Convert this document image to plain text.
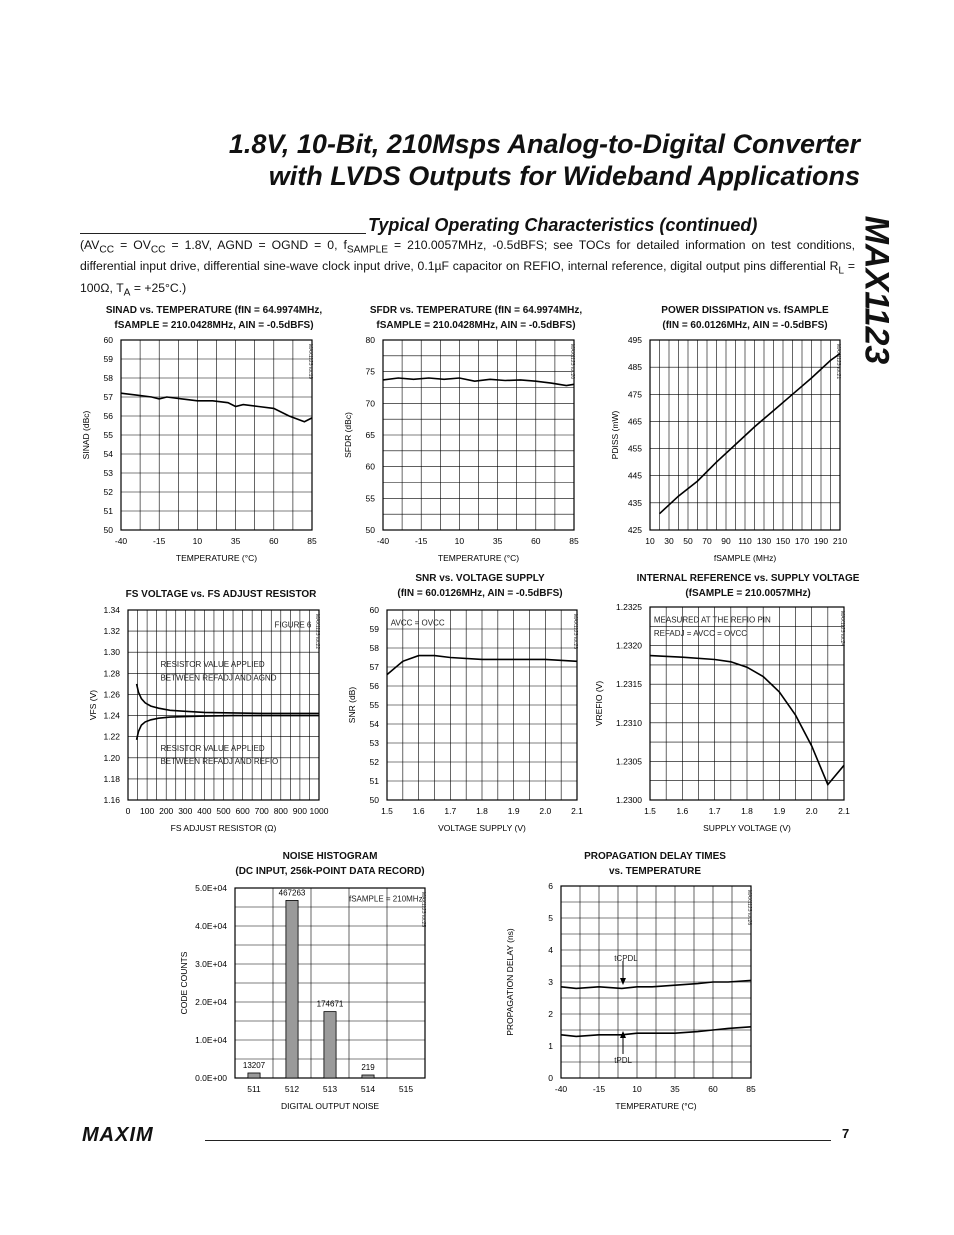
1.8V, 10-Bit, 210Msps Analog-to-Digital Converter
with LVDS Outputs for Wideband Applications
MAX1123
Typical Operating Characteristics (continued)
($AV_{CC} = OV_{CC} = 1.8V$, AGND = OGND = 0, $f_{SAMPLE} = 210.0057MHz$, -0.5dBFS; see TOCs for detailed information on test conditions, differential input drive, differential sine-wave clock input drive, 0.1µF capacitor on REFIO, internal reference, digital output pins differential $R_L = 100\Omega$, $T_A = +25^\circ C$.)
SINAD vs. TEMPERATURE (fIN = 64.9974MHz,
fSAMPLE = 210.0428MHz, AIN = -0.5dBFS)
-40	-15	10	35	60	85
50
51
52
53
54
55
56
57
58
59
60
TEMPERATURE (°C)
SINAD (dBc)
MAX1123 toc19
SFDR vs. TEMPERATURE (fIN = 64.9974MHz,
fSAMPLE = 210.0428MHz, AIN = -0.5dBFS)
-40	-15	10	35	60	85
50
55
60
65
70
75
80
TEMPERATURE (°C)
SFDR (dBc)
MAX1123 toc20
POWER DISSIPATION vs. fSAMPLE
(fIN = 60.0126MHz, AIN = -0.5dBFS)
10 30 50 70 90 110 130 150 170 190 210
425
435
445
455
465
475
485
495
fSAMPLE (MHz)
PDISS (mW)
MAX1123 toc21
FS VOLTAGE vs. FS ADJUST RESISTOR
0 100 200 300 400 500 600 700 800 900 1000
1.16
1.18
1.20
1.22
1.24
1.26
1.28
1.30
1.32
1.34
FS ADJUST RESISTOR (Ω)
VFS (V)
MAX1123 toc22
FIGURE 6
RESISTOR VALUE APPLIED
BETWEEN REFADJ AND AGND
RESISTOR VALUE APPLIED
BETWEEN REFADJ AND REFIO
SNR vs. VOLTAGE SUPPLY
(fIN = 60.0126MHz, AIN = -0.5dBFS)
1.5 1.6 1.7 1.8 1.9 2.0 2.1
50
51
52
53
54
55
56
57
58
59
60
VOLTAGE SUPPLY (V)
SNR (dB)
MAX1123 toc23
AVCC = OVCC
INTERNAL REFERENCE vs. SUPPLY VOLTAGE
(fSAMPLE = 210.0057MHz)
1.5 1.6 1.7 1.8 1.9 2.0 2.1
1.2300
1.2305
1.2310
1.2315
1.2320
1.2325
SUPPLY VOLTAGE (V)
VREFIO (V)
MAX1123 toc24
MEASURED AT THE REFIO PIN
REFADJ = AVCC = OVCC
NOISE HISTOGRAM
(DC INPUT, 256k-POINT DATA RECORD)
511	512	513	514	515
0.0E+00
1.0E+04
2.0E+04
3.0E+04
4.0E+04
5.0E+04
DIGITAL OUTPUT NOISE
CODE COUNTS
MAX1123 toc25
13207
467263
174671
219
fSAMPLE = 210MHz
PROPAGATION DELAY TIMES
vs. TEMPERATURE
-40	-15	10	35	60	85
0
1
2
3
4
5
6
TEMPERATURE (°C)
PROPAGATION DELAY (ns)
MAX1123 toc26
tCPDL
tPDL
MAXIM	7
